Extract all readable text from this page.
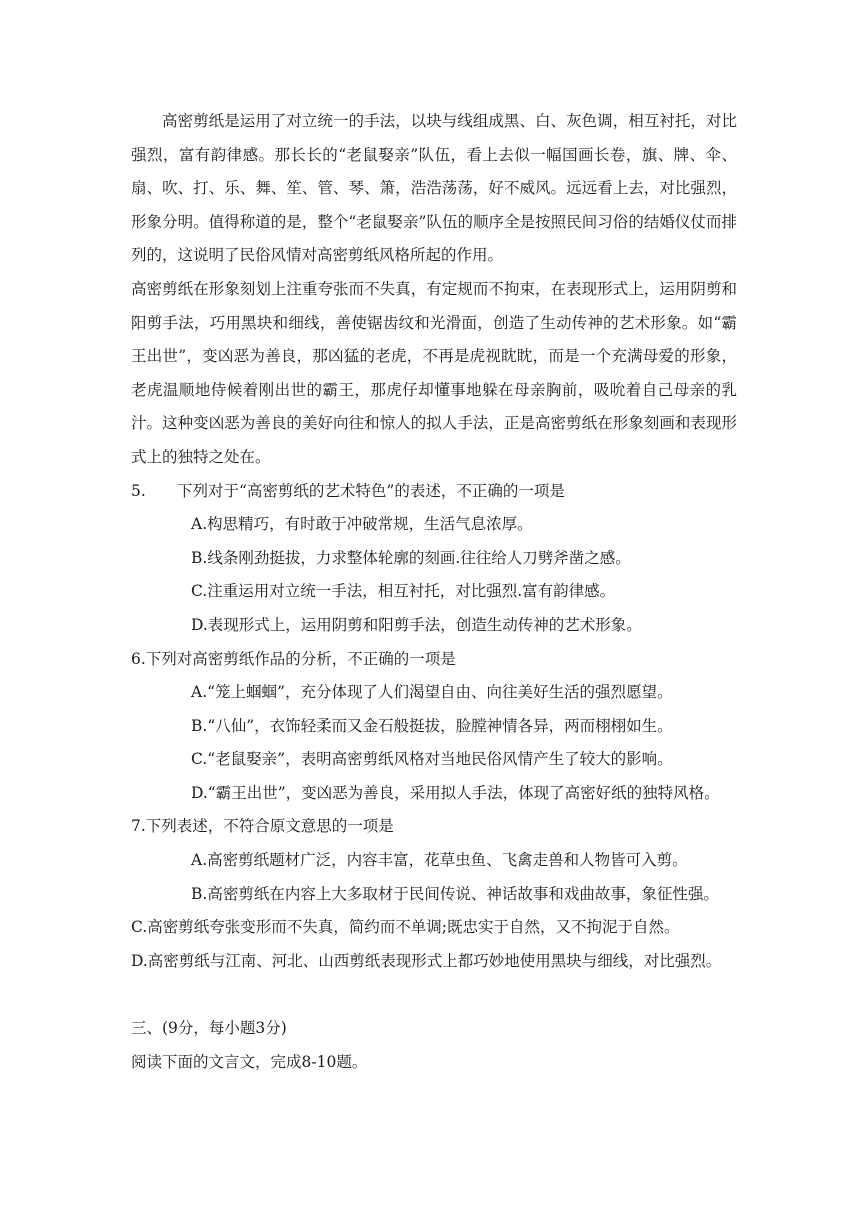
高密剪纸是运用了对立统一的手法，以块与线组成黑、白、灰色调，相互衬托，对比强烈，富有韵律感。那长长的“老鼠娶亲”队伍，看上去似一幅国画长卷，旗、牌、伞、扇、吹、打、乐、舞、笙、管、琴、箫，浩浩荡荡，好不威风。远远看上去，对比强烈，形象分明。值得称道的是，整个“老鼠娶亲”队伍的顺序全是按照民间习俗的结婚仪仗而排列的，这说明了民俗风情对高密剪纸风格所起的作用。

高密剪纸在形象刻划上注重夸张而不失真，有定规而不拘束，在表现形式上，运用阴剪和阳剪手法，巧用黑块和细线，善使锯齿纹和光滑面，创造了生动传神的艺术形象。如“霸王出世”，变凶恶为善良，那凶猛的老虎，不再是虎视眈眈，而是一个充满母爱的形象，老虎温顺地侍候着刚出世的霸王，那虎仔却懂事地躲在母亲胸前，吸吮着自己母亲的乳汁。这种变凶恶为善良的美好向往和惊人的拟人手法，正是高密剪纸在形象刻画和表现形式上的独特之处在。

5. 下列对于“高密剪纸的艺术特色”的表述，不正确的一项是

A.构思精巧，有时敢于冲破常规，生活气息浓厚。

B.线条刚劲挺拔，力求整体轮廓的刻画.往往给人刀劈斧凿之感。

C.注重运用对立统一手法，相互衬托，对比强烈.富有韵律感。

D.表现形式上，运用阴剪和阳剪手法，创造生动传神的艺术形象。

6.下列对高密剪纸作品的分析，不正确的一项是

A.“笼上蝈蝈”，充分体现了人们渴望自由、向往美好生活的强烈愿望。

B.“八仙”，衣饰轻柔而又金石般挺拔，脸膛神情各异，两而栩栩如生。

C.“老鼠娶亲”，表明高密剪纸风格对当地民俗风情产生了较大的影响。

D.“霸王出世”，变凶恶为善良，采用拟人手法，体现了高密好纸的独特风格。

7.下列表述，不符合原文意思的一项是

A.高密剪纸题材广泛，内容丰富，花草虫鱼、飞禽走兽和人物皆可入剪。

B.高密剪纸在内容上大多取材于民间传说、神话故事和戏曲故事，象征性强。

C.高密剪纸夸张变形而不失真，简约而不单调;既忠实于自然，又不拘泥于自然。

D.高密剪纸与江南、河北、山西剪纸表现形式上都巧妙地使用黑块与细线，对比强烈。

三、(9分，每小题3分)

阅读下面的文言文，完成8-10题。
